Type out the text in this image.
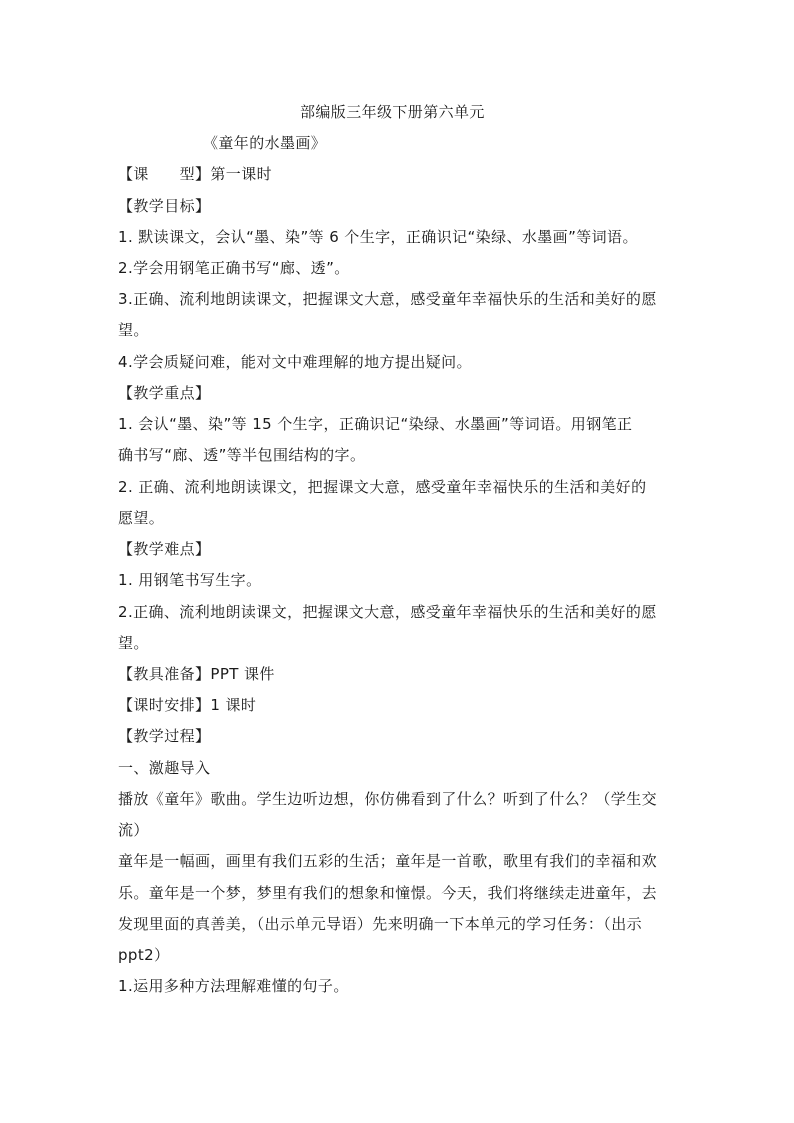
部编版三年级下册第六单元
《童年的水墨画》
【课　　型】第一课时
【教学目标】
1. 默读课文，会认“墨、染”等 6 个生字，正确识记“染绿、水墨画”等词语。
2.学会用钢笔正确书写“廊、透”。
3.正确、流利地朗读课文，把握课文大意，感受童年幸福快乐的生活和美好的愿
望。
4.学会质疑问难，能对文中难理解的地方提出疑问。
【教学重点】
1. 会认“墨、染”等 15 个生字，正确识记“染绿、水墨画”等词语。用钢笔正
确书写“廊、透”等半包围结构的字。
2. 正确、流利地朗读课文，把握课文大意，感受童年幸福快乐的生活和美好的
愿望。
【教学难点】
1. 用钢笔书写生字。
2.正确、流利地朗读课文，把握课文大意，感受童年幸福快乐的生活和美好的愿
望。
【教具准备】PPT 课件
【课时安排】1 课时
【教学过程】
一、激趣导入
播放《童年》歌曲。学生边听边想，你仿佛看到了什么？听到了什么？（学生交
流）
童年是一幅画，画里有我们五彩的生活；童年是一首歌，歌里有我们的幸福和欢
乐。童年是一个梦，梦里有我们的想象和憧憬。今天，我们将继续走进童年，去
发现里面的真善美，（出示单元导语）先来明确一下本单元的学习任务：（出示
ppt2）
1.运用多种方法理解难懂的句子。
